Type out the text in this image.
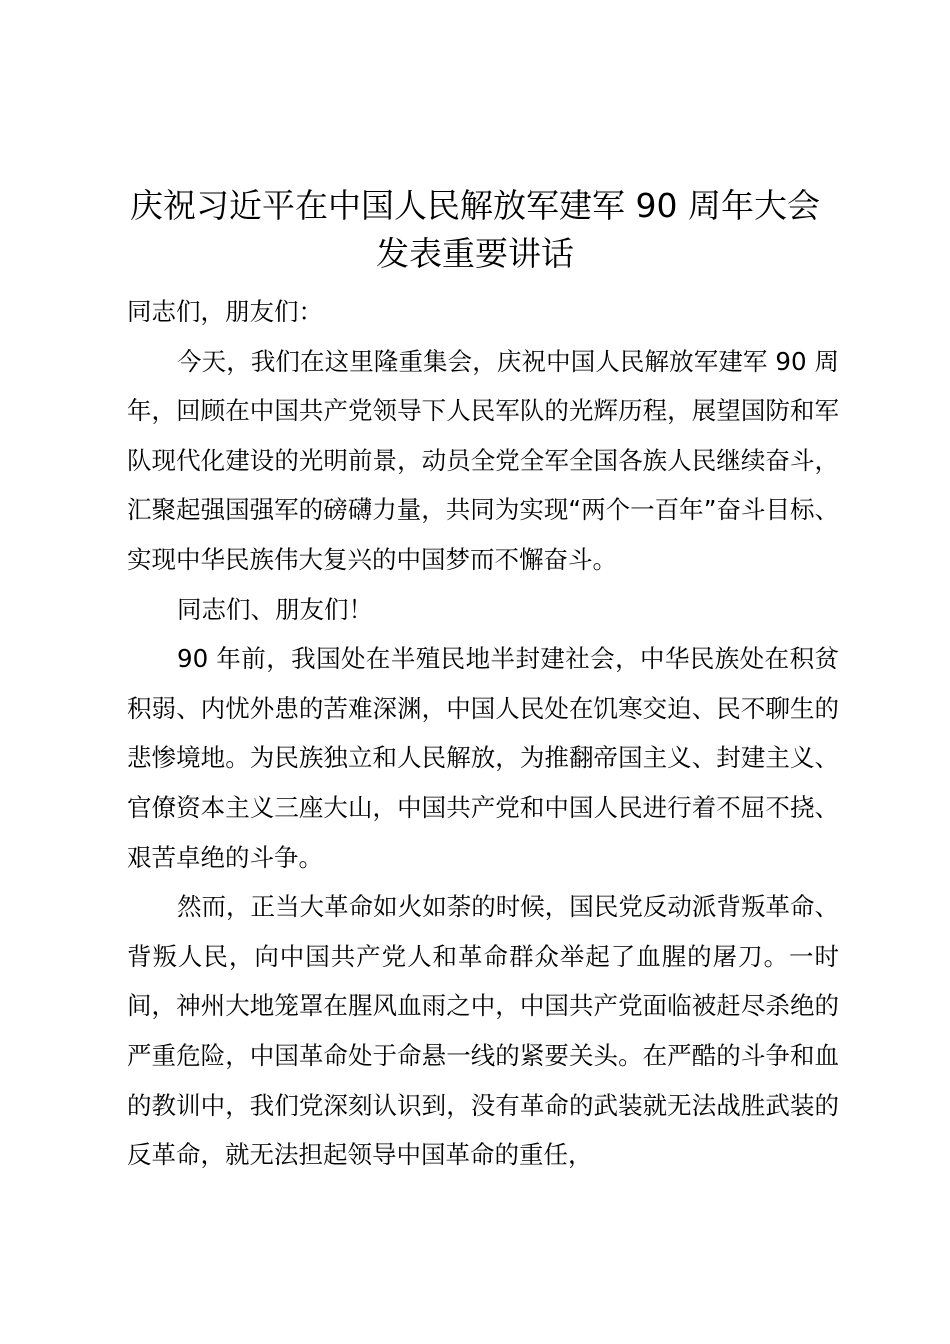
庆祝习近平在中国人民解放军建军 90 周年大会发表重要讲话

同志们，朋友们：

今天，我们在这里隆重集会，庆祝中国人民解放军建军 90 周年，回顾在中国共产党领导下人民军队的光辉历程，展望国防和军队现代化建设的光明前景，动员全党全军全国各族人民继续奋斗，汇聚起强国强军的磅礴力量，共同为实现“两个一百年”奋斗目标、实现中华民族伟大复兴的中国梦而不懈奋斗。

同志们、朋友们！

90 年前，我国处在半殖民地半封建社会，中华民族处在积贫积弱、内忧外患的苦难深渊，中国人民处在饥寒交迫、民不聊生的悲惨境地。为民族独立和人民解放，为推翻帝国主义、封建主义、官僚资本主义三座大山，中国共产党和中国人民进行着不屈不挠、艰苦卓绝的斗争。

然而，正当大革命如火如荼的时候，国民党反动派背叛革命、背叛人民，向中国共产党人和革命群众举起了血腥的屠刀。一时间，神州大地笼罩在腥风血雨之中，中国共产党面临被赶尽杀绝的严重危险，中国革命处于命悬一线的紧要关头。在严酷的斗争和血的教训中，我们党深刻认识到，没有革命的武装就无法战胜武装的反革命，就无法担起领导中国革命的重任，
